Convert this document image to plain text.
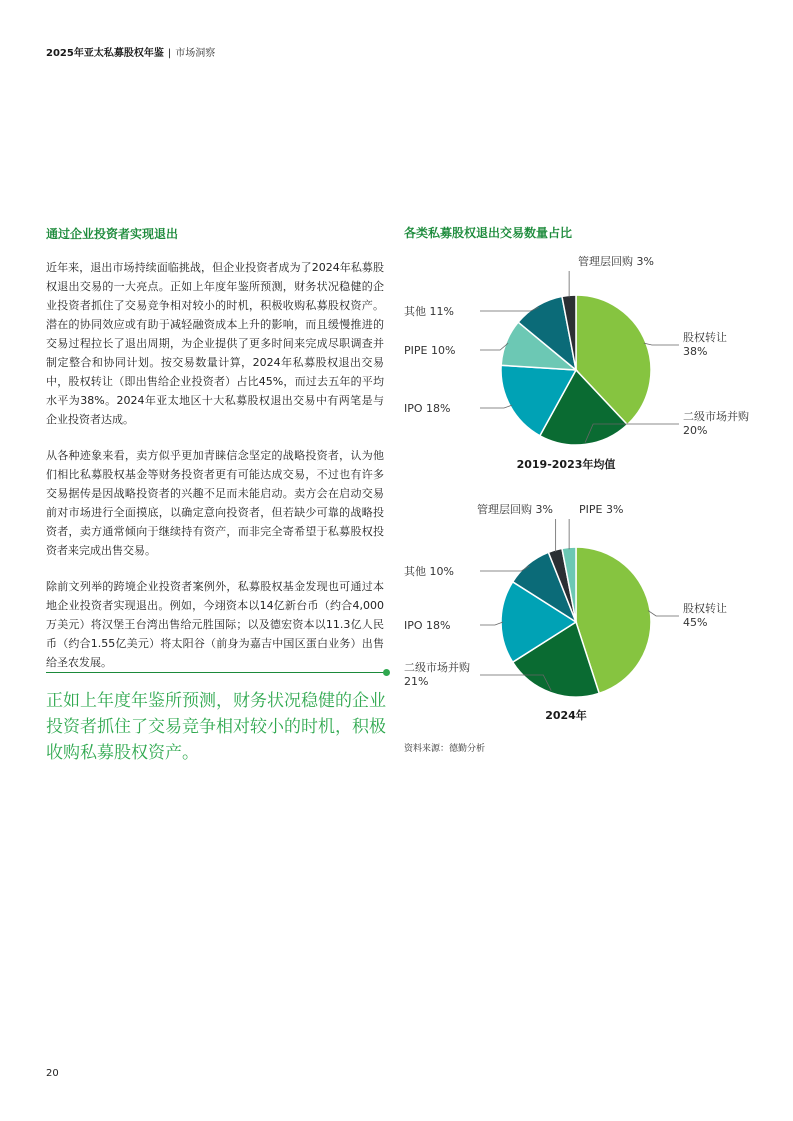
2025年亚太私募股权年鉴 | 市场洞察
通过企业投资者实现退出

近年来，退出市场持续面临挑战，但企业投资者成为了2024年私募股权退出交易的一大亮点。正如上年度年鉴所预测，财务状况稳健的企业投资者抓住了交易竞争相对较小的时机，积极收购私募股权资产。潜在的协同效应或有助于减轻融资成本上升的影响，而且缓慢推进的交易过程拉长了退出周期，为企业提供了更多时间来完成尽职调查并制定整合和协同计划。按交易数量计算，2024年私募股权退出交易中，股权转让（即出售给企业投资者）占比45%，而过去五年的平均水平为38%。2024年亚太地区十大私募股权退出交易中有两笔是与企业投资者达成。

从各种迹象来看，卖方似乎更加青睐信念坚定的战略投资者，认为他们相比私募股权基金等财务投资者更有可能达成交易，不过也有许多交易据传是因战略投资者的兴趣不足而未能启动。卖方会在启动交易前对市场进行全面摸底，以确定意向投资者，但若缺少可靠的战略投资者，卖方通常倾向于继续持有资产，而非完全寄希望于私募股权投资者来完成出售交易。

除前文列举的跨境企业投资者案例外，私募股权基金发现也可通过本地企业投资者实现退出。例如，今翊资本以14亿新台币（约合4,000万美元）将汉堡王台湾出售给元胜国际；以及德宏资本以11.3亿人民币（约合1.55亿美元）将太阳谷（前身为嘉吉中国区蛋白业务）出售给圣农发展。

正如上年度年鉴所预测，财务状况稳健的企业投资者抓住了交易竞争相对较小的时机，积极收购私募股权资产。
各类私募股权退出交易数量占比
股权转让 38%
二级市场并购 20%
IPO 18%
PIPE 10%
其他 11%
管理层回购 3%
2019-2023年均值
股权转让 45%
二级市场并购 21%
IPO 18%
其他 10%
管理层回购 3% PIPE 3%
2024年
资料来源：德勤分析
20
